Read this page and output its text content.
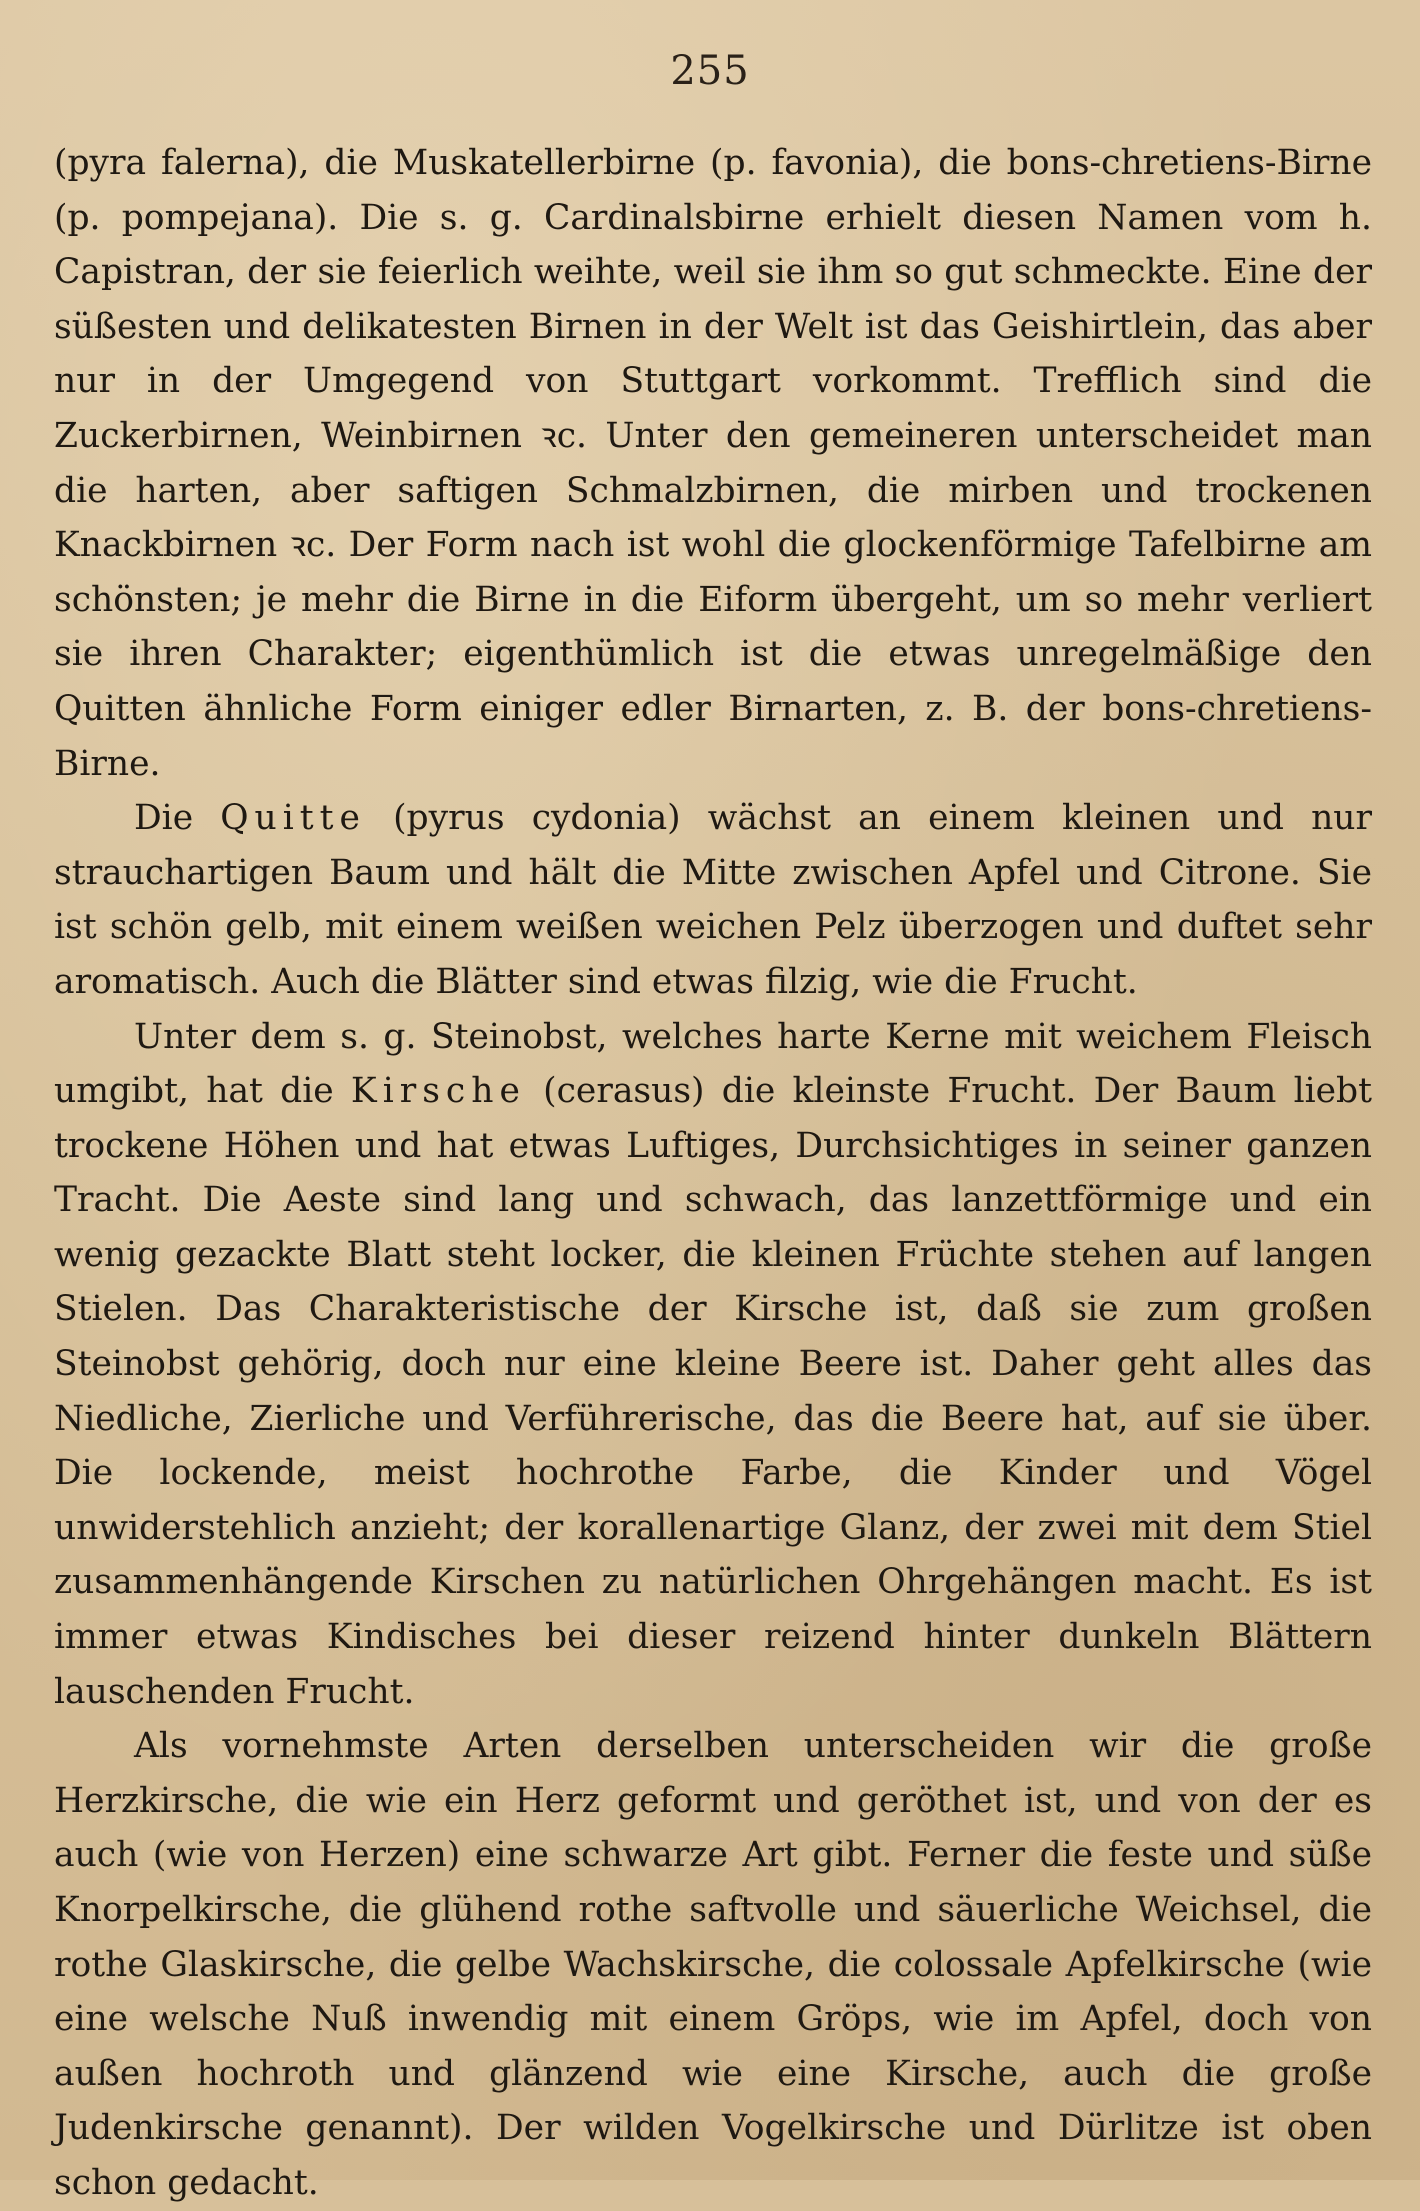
255

(pyra falerna), die Muskatellerbirne (p. favonia), die bons-chretiens-Birne (p. pompejana). Die s. g. Cardinalsbirne erhielt diesen Namen vom h. Capistran, der sie feierlich weihte, weil sie ihm so gut schmeckte. Eine der süßesten und delikatesten Birnen in der Welt ist das Geishirtlein, das aber nur in der Umgegend von Stuttgart vorkommt. Trefflich sind die Zuckerbirnen, Weinbirnen ꝛc. Unter den gemeineren unterscheidet man die harten, aber saftigen Schmalzbirnen, die mirben und trockenen Knackbirnen ꝛc. Der Form nach ist wohl die glockenförmige Tafelbirne am schönsten; je mehr die Birne in die Eiform übergeht, um so mehr verliert sie ihren Charakter; eigenthümlich ist die etwas unregelmäßige den Quitten ähnliche Form einiger edler Birnarten, z. B. der bons-chretiens-Birne.

Die Quitte (pyrus cydonia) wächst an einem kleinen und nur strauchartigen Baum und hält die Mitte zwischen Apfel und Citrone. Sie ist schön gelb, mit einem weißen weichen Pelz überzogen und duftet sehr aromatisch. Auch die Blätter sind etwas filzig, wie die Frucht.

Unter dem s. g. Steinobst, welches harte Kerne mit weichem Fleisch umgibt, hat die Kirsche (cerasus) die kleinste Frucht. Der Baum liebt trockene Höhen und hat etwas Luftiges, Durchsichtiges in seiner ganzen Tracht. Die Aeste sind lang und schwach, das lanzettförmige und ein wenig gezackte Blatt steht locker, die kleinen Früchte stehen auf langen Stielen. Das Charakteristische der Kirsche ist, daß sie zum großen Steinobst gehörig, doch nur eine kleine Beere ist. Daher geht alles das Niedliche, Zierliche und Verführerische, das die Beere hat, auf sie über. Die lockende, meist hochrothe Farbe, die Kinder und Vögel unwiderstehlich anzieht; der korallenartige Glanz, der zwei mit dem Stiel zusammenhängende Kirschen zu natürlichen Ohrgehängen macht. Es ist immer etwas Kindisches bei dieser reizend hinter dunkeln Blättern lauschenden Frucht.

Als vornehmste Arten derselben unterscheiden wir die große Herzkirsche, die wie ein Herz geformt und geröthet ist, und von der es auch (wie von Herzen) eine schwarze Art gibt. Ferner die feste und süße Knorpelkirsche, die glühend rothe saftvolle und säuerliche Weichsel, die rothe Glaskirsche, die gelbe Wachskirsche, die colossale Apfelkirsche (wie eine welsche Nuß inwendig mit einem Gröps, wie im Apfel, doch von außen hochroth und glänzend wie eine Kirsche, auch die große Judenkirsche genannt). Der wilden Vogelkirsche und Dürlitze ist oben schon gedacht.
